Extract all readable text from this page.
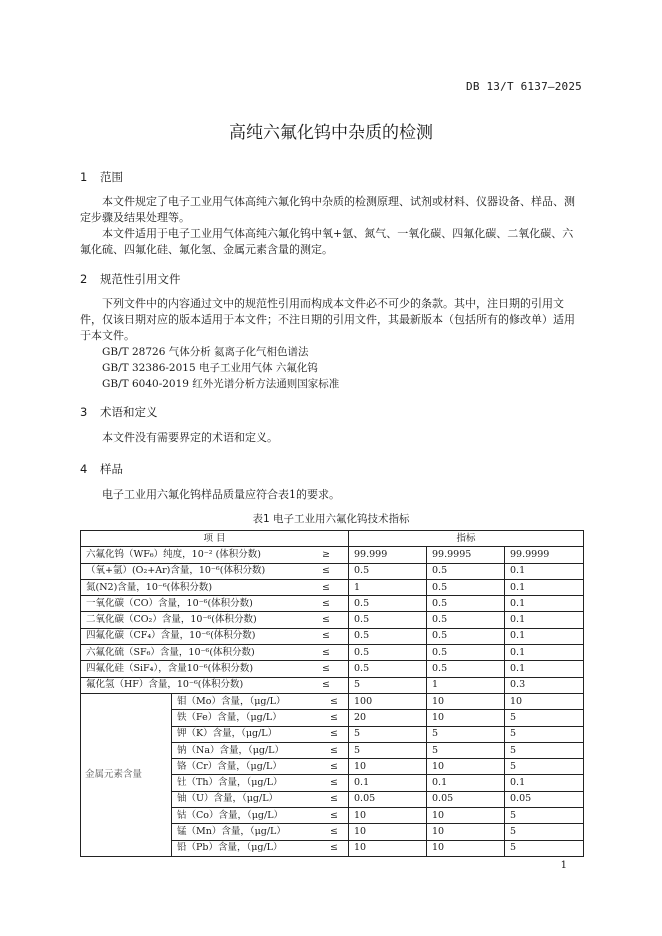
DB 13/T 6137—2025
高纯六氟化钨中杂质的检测
1 范围
本文件规定了电子工业用气体高纯六氟化钨中杂质的检测原理、试剂或材料、仪器设备、样品、测定步骤及结果处理等。
本文件适用于电子工业用气体高纯六氟化钨中氧+氩、氮气、一氧化碳、四氟化碳、二氧化碳、六氟化硫、四氟化硅、氟化氢、金属元素含量的测定。
2 规范性引用文件
下列文件中的内容通过文中的规范性引用而构成本文件必不可少的条款。其中，注日期的引用文件，仅该日期对应的版本适用于本文件；不注日期的引用文件，其最新版本（包括所有的修改单）适用于本文件。
GB/T 28726 气体分析 氦离子化气相色谱法
GB/T 32386-2015 电子工业用气体 六氟化钨
GB/T 6040-2019 红外光谱分析方法通则国家标准
3 术语和定义
本文件没有需要界定的术语和定义。
4 样品
电子工业用六氟化钨样品质量应符合表1的要求。
表1 电子工业用六氟化钨技术指标
项 目			指标		
六氟化钨（WF₆）纯度，10⁻² (体积分数)		≥	99.999	99.9995	99.9999
（氧+氩）(O₂+Ar)含量，10⁻⁶(体积分数)		≤	0.5	0.5	0.1
氮(N2)含量，10⁻⁶(体积分数)		≤	1	0.5	0.1
一氧化碳（CO）含量，10⁻⁶(体积分数)		≤	0.5	0.5	0.1
二氧化碳（CO₂）含量，10⁻⁶(体积分数)		≤	0.5	0.5	0.1
四氟化碳（CF₄）含量，10⁻⁶(体积分数)		≤	0.5	0.5	0.1
六氟化硫（SF₆）含量，10⁻⁶(体积分数)		≤	0.5	0.5	0.1
四氟化硅（SiF₄），含量10⁻⁶(体积分数)		≤	0.5	0.5	0.1
氟化氢（HF）含量，10⁻⁶(体积分数)		≤	5	1	0.3
金属元素含量	钼（Mo）含量，（μg/L）	≤	100	10	10
	铁（Fe）含量，（μg/L）	≤	20	10	5
	钾（K）含量，（μg/L）	≤	5	5	5
	钠（Na）含量，（μg/L）	≤	5	5	5
	铬（Cr）含量，（μg/L）	≤	10	10	5
	钍（Th）含量，（μg/L）	≤	0.1	0.1	0.1
	铀（U）含量，（μg/L）	≤	0.05	0.05	0.05
	钴（Co）含量，（μg/L）	≤	10	10	5
	锰（Mn）含量，（μg/L）	≤	10	10	5
	铅（Pb）含量，（μg/L）	≤	10	10	5
1
